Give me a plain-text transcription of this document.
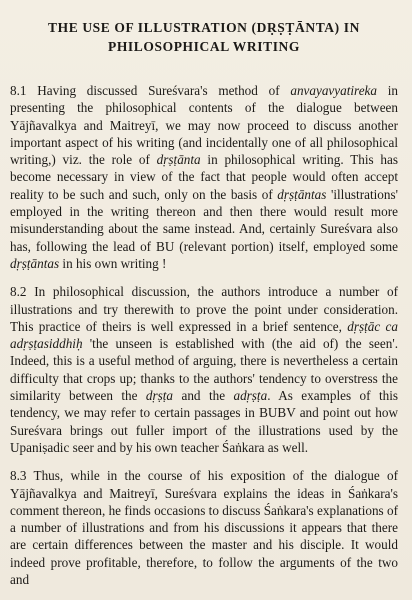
THE USE OF ILLUSTRATION (DṚṢṬĀNTA) IN
PHILOSOPHICAL WRITING

8.1 Having discussed Sureśvara's method of anvayavyatireka in presenting the philosophical contents of the dialogue between Yājñavalkya and Maitreyī, we may now proceed to discuss another important aspect of his writing (and incidentally one of all philosophical writing,) viz. the role of dṛṣṭānta in philosophical writing. This has become necessary in view of the fact that people would often accept reality to be such and such, only on the basis of dṛṣṭāntas 'illustrations' employed in the writing thereon and then there would result more misunderstanding about the same instead. And, certainly Sureśvara also has, following the lead of BU (relevant portion) itself, employed some dṛṣṭāntas in his own writing !

8.2 In philosophical discussion, the authors introduce a number of illustrations and try therewith to prove the point under consideration. This practice of theirs is well expressed in a brief sentence, dṛṣṭāc ca adṛṣṭasiddhiḥ 'the unseen is established with (the aid of) the seen'. Indeed, this is a useful method of arguing, there is nevertheless a certain difficulty that crops up; thanks to the authors' tendency to overstress the similarity between the dṛṣṭa and the adṛṣṭa. As examples of this tendency, we may refer to certain passages in BUBV and point out how Sureśvara brings out fuller import of the illustrations used by the Upaniṣadic seer and by his own teacher Śaṅkara as well.

8.3 Thus, while in the course of his exposition of the dialogue of Yājñavalkya and Maitreyī, Sureśvara explains the ideas in Śaṅkara's comment thereon, he finds occasions to discuss Śaṅkara's explanations of a number of illustrations and from his discussions it appears that there are certain differences between the master and his disciple. It would indeed prove profitable, therefore, to follow the arguments of the two and
